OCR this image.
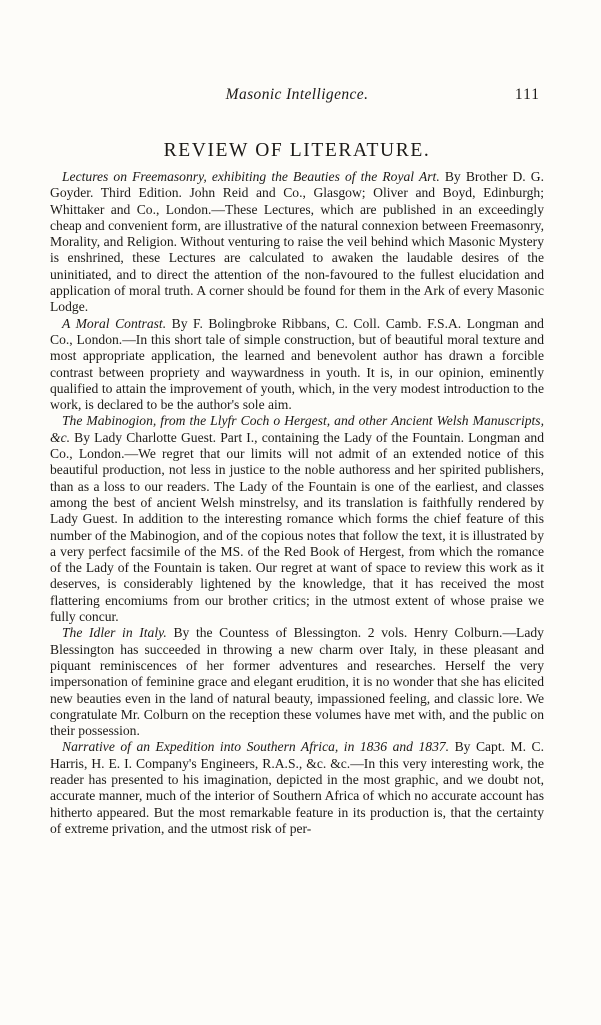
Masonic Intelligence.	111
REVIEW OF LITERATURE.

Lectures on Freemasonry, exhibiting the Beauties of the Royal Art. By Brother D. G. Goyder. Third Edition. John Reid and Co., Glasgow; Oliver and Boyd, Edinburgh; Whittaker and Co., London.—These Lectures, which are published in an exceedingly cheap and convenient form, are illustrative of the natural connexion between Freemasonry, Morality, and Religion. Without venturing to raise the veil behind which Masonic Mystery is enshrined, these Lectures are calculated to awaken the laudable desires of the uninitiated, and to direct the attention of the non-favoured to the fullest elucidation and application of moral truth. A corner should be found for them in the Ark of every Masonic Lodge.

A Moral Contrast. By F. Bolingbroke Ribbans, C. Coll. Camb. F.S.A. Longman and Co., London.—In this short tale of simple construction, but of beautiful moral texture and most appropriate application, the learned and benevolent author has drawn a forcible contrast between propriety and waywardness in youth. It is, in our opinion, eminently qualified to attain the improvement of youth, which, in the very modest introduction to the work, is declared to be the author's sole aim.

The Mabinogion, from the Llyfr Coch o Hergest, and other Ancient Welsh Manuscripts, &c. By Lady Charlotte Guest. Part I., containing the Lady of the Fountain. Longman and Co., London.—We regret that our limits will not admit of an extended notice of this beautiful production, not less in justice to the noble authoress and her spirited publishers, than as a loss to our readers. The Lady of the Fountain is one of the earliest, and classes among the best of ancient Welsh minstrelsy, and its translation is faithfully rendered by Lady Guest. In addition to the interesting romance which forms the chief feature of this number of the Mabinogion, and of the copious notes that follow the text, it is illustrated by a very perfect facsimile of the MS. of the Red Book of Hergest, from which the romance of the Lady of the Fountain is taken. Our regret at want of space to review this work as it deserves, is considerably lightened by the knowledge, that it has received the most flattering encomiums from our brother critics; in the utmost extent of whose praise we fully concur.

The Idler in Italy. By the Countess of Blessington. 2 vols. Henry Colburn.—Lady Blessington has succeeded in throwing a new charm over Italy, in these pleasant and piquant reminiscences of her former adventures and researches. Herself the very impersonation of feminine grace and elegant erudition, it is no wonder that she has elicited new beauties even in the land of natural beauty, impassioned feeling, and classic lore. We congratulate Mr. Colburn on the reception these volumes have met with, and the public on their possession.

Narrative of an Expedition into Southern Africa, in 1836 and 1837. By Capt. M. C. Harris, H. E. I. Company's Engineers, R.A.S., &c. &c.—In this very interesting work, the reader has presented to his imagination, depicted in the most graphic, and we doubt not, accurate manner, much of the interior of Southern Africa of which no accurate account has hitherto appeared. But the most remarkable feature in its production is, that the certainty of extreme privation, and the utmost risk of per-
